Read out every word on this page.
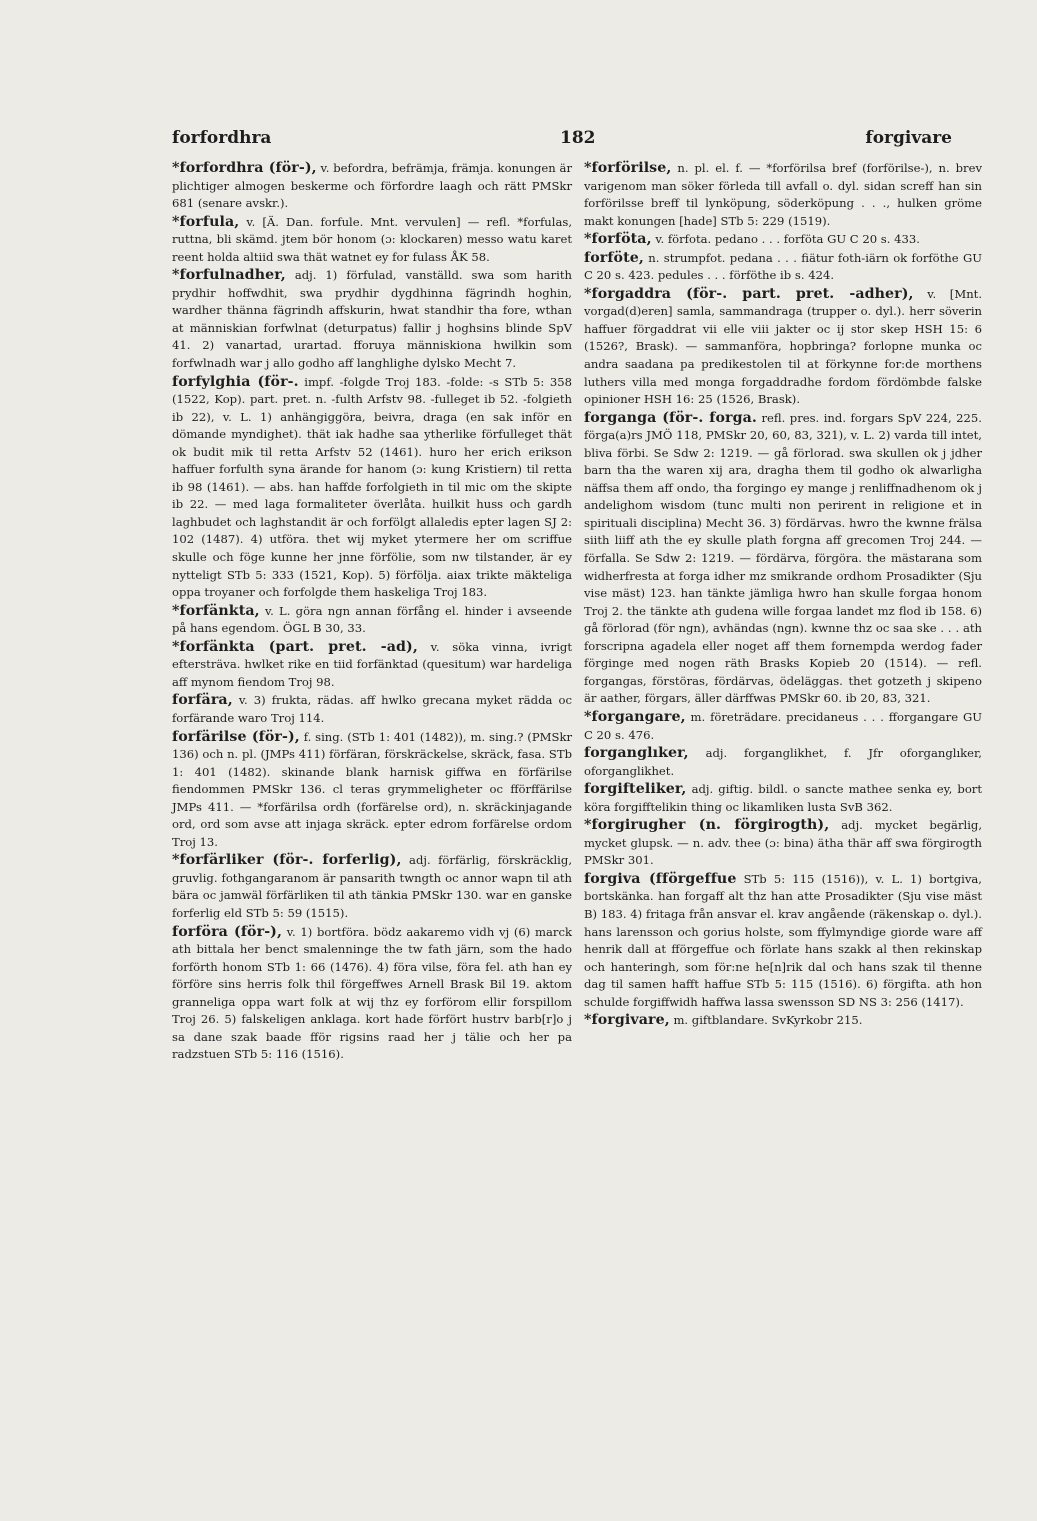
forfordhra	182	forgivare

*forfordhra (för-), v. befordra, befrämja, främja. konungen är plichtiger almogen beskerme och förfordre laagh och rätt PMSkr 681 (senare avskr.).

*forfula, v. [Ä. Dan. forfule. Mnt. vervulen] — refl. *forfulas, ruttna, bli skämd. jtem bör honom (ɔ: klockaren) messo watu karet reent holda altiid swa thät watnet ey for fulass ÅK 58.

*forfulnadher, adj. 1) förfulad, vanställd. swa som harith prydhir hoffwdhit, swa prydhir dygdhinna fägrindh hoghin, wardher thänna fägrindh affskurin, hwat standhir tha fore, wthan at människian forfwlnat (deturpatus) fallir j hoghsins blinde SpV 41. 2) vanartad, urartad. fforuya människiona hwilkin som forfwlnadh war j allo godho aff langhlighe dylsko Mecht 7.

forfylghia (för-. impf. -folgde Troj 183. -folde: -s STb 5: 358 (1522, Kop). part. pret. n. -fulth Arfstv 98. -fulleget ib 52. -folgieth ib 22), v. L. 1) anhängiggöra, beivra, draga (en sak inför en dömande myndighet). thät iak hadhe saa ytherlike förfulleget thät ok budit mik til retta Arfstv 52 (1461). huro her erich erikson haffuer forfulth syna ärande for hanom (ɔ: kung Kristiern) til retta ib 98 (1461). — abs. han haffde forfolgieth in til mic om the skipte ib 22. — med laga formaliteter överlåta. huilkit huss och gardh laghbudet och laghstandit är och forfölgt allaledis epter lagen SJ 2: 102 (1487). 4) utföra. thet wij myket ytermere her om scriffue skulle och föge kunne her jnne förfölie, som nw tilstander, är ey nytteligt STb 5: 333 (1521, Kop). 5) förfölja. aiax trikte mäkteliga oppa troyaner och forfolgde them haskeliga Troj 183.

*forfänkta, v. L. göra ngn annan förfång el. hinder i avseende på hans egendom. ÖGL B 30, 33.

*forfänkta (part. pret. -ad), v. söka vinna, ivrigt eftersträva. hwlket rike en tiid forfänktad (quesitum) war hardeliga aff mynom fiendom Troj 98.

forfära, v. 3) frukta, rädas. aff hwlko grecana myket rädda oc forfärande waro Troj 114.

forfärilse (för-), f. sing. (STb 1: 401 (1482)), m. sing.? (PMSkr 136) och n. pl. (JMPs 411) förfäran, förskräckelse, skräck, fasa. STb 1: 401 (1482). skinande blank harnisk giffwa en förfärilse fiendommen PMSkr 136. cl teras grymmeligheter oc fförffärilse JMPs 411. — *forfärilsa ordh (forfärelse ord), n. skräckinjagande ord, ord som avse att injaga skräck. epter edrom forfärelse ordom Troj 13.

*forfärliker (för-. forferlig), adj. förfärlig, förskräcklig, gruvlig. fothgangaranom är pansarith twngth oc annor wapn til ath bära oc jamwäl förfärliken til ath tänkia PMSkr 130. war en ganske forferlig eld STb 5: 59 (1515).

forföra (för-), v. 1) bortföra. bödz aakaremo vidh vj (6) marck ath bittala her benct smalenninge the tw fath järn, som the hado forförth honom STb 1: 66 (1476). 4) föra vilse, föra fel. ath han ey förföre sins herris folk thil förgeffwes Arnell Brask Bil 19. aktom granneliga oppa wart folk at wij thz ey forförom ellir forspillom Troj 26. 5) falskeligen anklaga. kort hade förfört hustrv barb[r]o j sa dane szak baade fför rigsins raad her j tälie och her pa radzstuen STb 5: 116 (1516).

*forförilse, n. pl. el. f. — *forförilsa bref (forförilse-), n. brev varigenom man söker förleda till avfall o. dyl. sidan screff han sin forförilsse breff til lynköpung, söderköpung . . ., hulken gröme makt konungen [hade] STb 5: 229 (1519).

*forföta, v. förfota. pedano . . . forföta GU C 20 s. 433.

forföte, n. strumpfot. pedana . . . fiätur foth-iärn ok forföthe GU C 20 s. 423. pedules . . . förföthe ib s. 424.

*forgaddra (för-. part. pret. -adher), v. [Mnt. vorgad(d)eren] samla, sammandraga (trupper o. dyl.). herr söverin haffuer förgaddrat vii elle viii jakter oc ij stor skep HSH 15: 6 (1526?, Brask). — sammanföra, hopbringa? forlopne munka oc andra saadana pa predikestolen til at förkynne for:de morthens luthers villa med monga forgaddradhe fordom fördömbde falske opinioner HSH 16: 25 (1526, Brask).

forganga (för-. forga. refl. pres. ind. forgars SpV 224, 225. förga(a)rs JMÖ 118, PMSkr 20, 60, 83, 321), v. L. 2) varda till intet, bliva förbi. Se Sdw 2: 1219. — gå förlorad. swa skullen ok j jdher barn tha the waren xij ara, dragha them til godho ok alwarligha näffsa them aff ondo, tha forgingo ey mange j renliffnadhenom ok j andelighom wisdom (tunc multi non perirent in religione et in spirituali disciplina) Mecht 36. 3) fördärvas. hwro the kwnne frälsa siith liiff ath the ey skulle plath forgna aff grecomen Troj 244. — förfalla. Se Sdw 2: 1219. — fördärva, förgöra. the mästarana som widherfresta at forga idher mz smikrande ordhom Prosadikter (Sju vise mäst) 123. han tänkte jämliga hwro han skulle forgaa honom Troj 2. the tänkte ath gudena wille forgaa landet mz flod ib 158. 6) gå förlorad (för ngn), avhändas (ngn). kwnne thz oc saa ske . . . ath forscripna agadela eller noget aff them fornempda werdog fader förginge med nogen räth Brasks Kopieb 20 (1514). — refl. forgangas, förstöras, fördärvas, ödeläggas. thet gotzeth j skipeno är aather, förgars, äller därffwas PMSkr 60. ib 20, 83, 321.

*forgangare, m. företrädare. precidaneus . . . fforgangare GU C 20 s. 476.

forganglıker, adj. forganglikhet, f. Jfr oforganglıker, oforganglikhet.

forgifteliker, adj. giftig. bildl. o sancte mathee senka ey, bort köra forgifftelikin thing oc likamliken lusta SvB 362.

*forgirugher (n. förgirogth), adj. mycket begärlig, mycket glupsk. — n. adv. thee (ɔ: bina) ätha thär aff swa förgirogth PMSkr 301.

forgiva (fförgeffue STb 5: 115 (1516)), v. L. 1) bortgiva, bortskänka. han forgaff alt thz han atte Prosadikter (Sju vise mäst B) 183. 4) fritaga från ansvar el. krav angående (räkenskap o. dyl.). hans larensson och gorius holste, som ffylmyndige giorde ware aff henrik dall at fförgeffue och förlate hans szakk al then rekinskap och hanteringh, som för:ne he[n]rik dal och hans szak til thenne dag til samen hafft haffue STb 5: 115 (1516). 6) förgifta. ath hon schulde forgiffwidh haffwa lassa swensson SD NS 3: 256 (1417).

*forgivare, m. giftblandare. SvKyrkobr 215.
